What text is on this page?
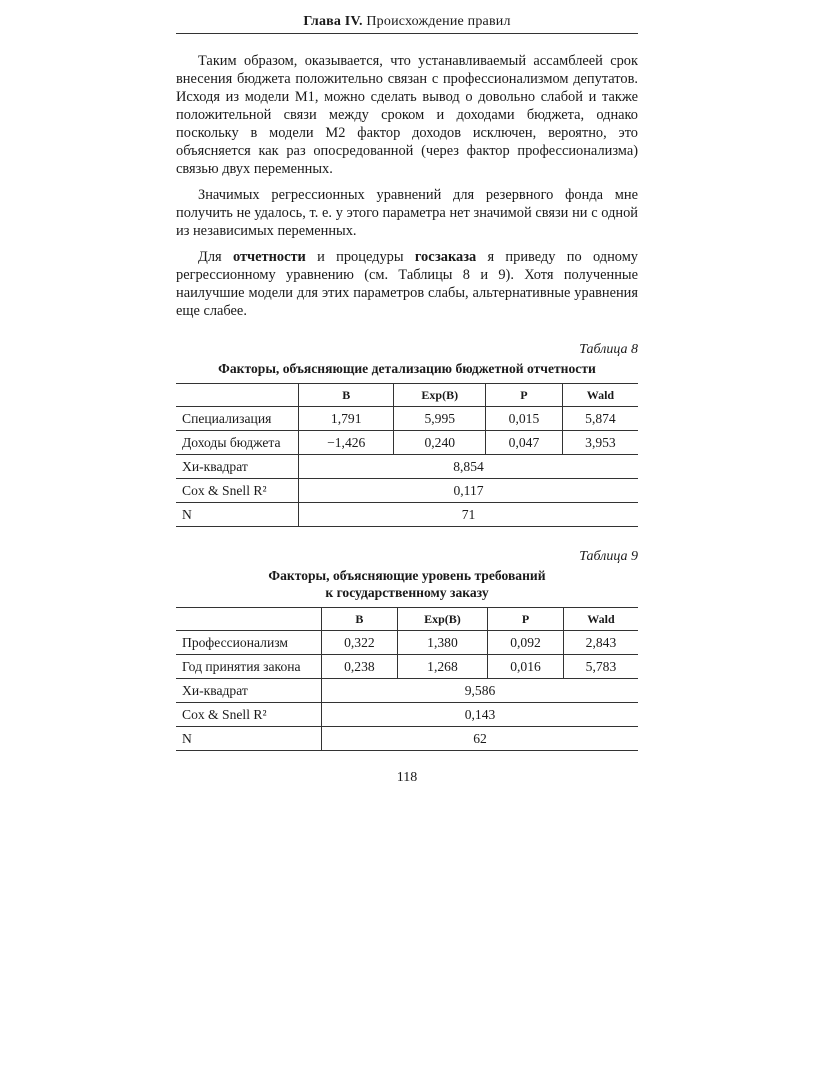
Глава IV. Происхождение правил

Таким образом, оказывается, что устанавливаемый ассамблеей срок внесения бюджета положительно связан с профессионализмом депутатов. Исходя из модели M1, можно сделать вывод о довольно слабой и также положительной связи между сроком и доходами бюджета, однако поскольку в модели M2 фактор доходов исключен, вероятно, это объясняется как раз опосредованной (через фактор профессионализма) связью двух переменных.

Значимых регрессионных уравнений для резервного фонда мне получить не удалось, т. е. у этого параметра нет значимой связи ни с одной из независимых переменных.

Для отчетности и процедуры госзаказа я приведу по одному регрессионному уравнению (см. Таблицы 8 и 9). Хотя полученные наилучшие модели для этих параметров слабы, альтернативные уравнения еще слабее.

Таблица 8
Факторы, объясняющие детализацию бюджетной отчетности
	B	Exp(B)	P	Wald
Специализация	1,791	5,995	0,015	5,874
Доходы бюджета	−1,426	0,240	0,047	3,953
Хи-квадрат	8,854			
Cox & Snell R²	0,117			
N	71			
Таблица 9
Факторы, объясняющие уровень требований
к государственному заказу
	B	Exp(B)	P	Wald
Профессионализм	0,322	1,380	0,092	2,843
Год принятия закона	0,238	1,268	0,016	5,783
Хи-квадрат	9,586			
Cox & Snell R²	0,143			
N	62			
118
